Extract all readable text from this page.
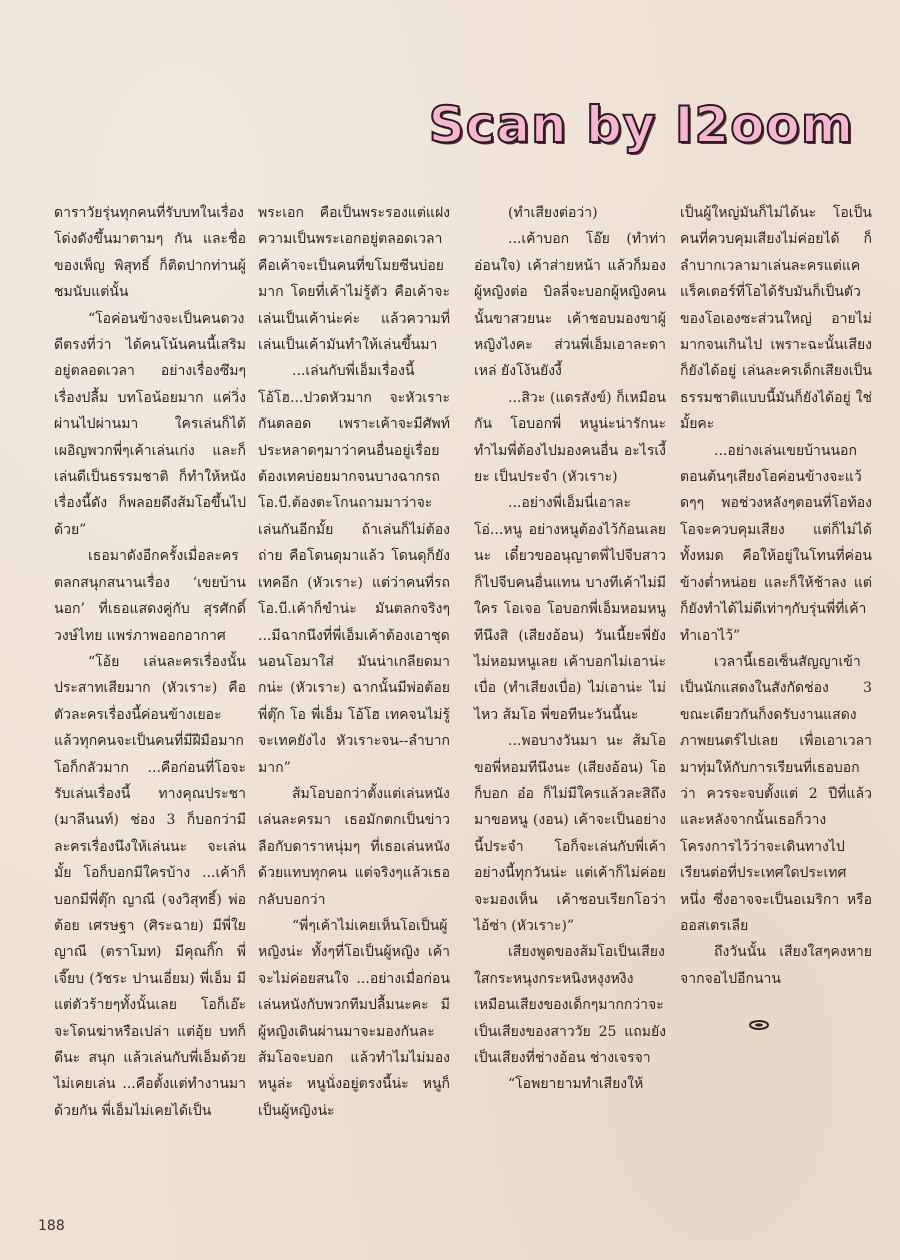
Scan by I2oom

ดาราวัยรุ่นทุกคนที่รับบทในเรื่องโด่งดังขึ้นมาตามๆ กัน และชื่อของเพ็ญ พิสุทธิ์ ก็ติดปากท่านผู้ชมนับแต่นั้น

“โอค่อนข้างจะเป็นคนดวงดีตรงที่ว่า ได้คนโน้นคนนี้เสริมอยู่ตลอดเวลา อย่างเรื่องซึมๆ เรื่องปลื้ม บทโอน้อยมาก แค่วิ่งผ่านไปผ่านมา ใครเล่นก็ได้ เผอิญพวกพี่ๆเค้าเล่นเก่ง และก็เล่นดีเป็นธรรมชาติ ก็ทำให้หนังเรื่องนี้ดัง ก็พลอยดึงส้มโอขึ้นไปด้วย”

เธอมาดังอีกครั้งเมื่อละครตลกสนุกสนานเรื่อง ‘เขยบ้านนอก’ ที่เธอแสดงคู่กับ สุรศักดิ์ วงษ์ไทย แพร่ภาพออกอากาศ

“โอ้ย เล่นละครเรื่องนั้นประสาทเสียมาก (หัวเราะ) คือตัวละครเรื่องนี้ค่อนข้างเยอะ แล้วทุกคนจะเป็นคนที่มีฝีมือมาก โอก็กลัวมาก ...คือก่อนที่โอจะรับเล่นเรื่องนี้ ทางคุณประชา (มาลีนนท์) ช่อง 3 ก็บอกว่ามีละครเรื่องนึงให้เล่นนะ จะเล่นมั้ย โอก็บอกมีใครบ้าง ...เค้าก็บอกมีพี่ตุ๊ก ญาณี (จงวิสุทธิ์) พ่อต้อย เศรษฐา (ศิระฉาย) มีพี่ใย ญาณี (ตราโมท) มีคุณกิ๊ก พี่เจี๊ยบ (วัชระ ปานเอี่ยม) พี่เอ็ม มีแต่ตัวร้ายๆทั้งนั้นเลย โอก็เอ๊ะ จะโดนฆ่าหรือเปล่า แต่อุ้ย บทก็ดีนะ สนุก แล้วเล่นกับพี่เอ็มด้วย ไม่เคยเล่น ...คือตั้งแต่ทำงานมาด้วยกัน พี่เอ็มไม่เคยได้เป็น

พระเอก คือเป็นพระรองแต่แฝงความเป็นพระเอกอยู่ตลอดเวลา คือเค้าจะเป็นคนที่ขโมยซีนบ่อยมาก โดยที่เค้าไม่รู้ตัว คือเค้าจะเล่นเป็นเค้าน่ะค่ะ แล้วความที่เล่นเป็นเค้ามันทำให้เล่นขึ้นมา

...เล่นกับพี่เอ็มเรื่องนี้ โอ้โฮ...ปวดหัวมาก จะหัวเราะกันตลอด เพราะเค้าจะมีศัพท์ประหลาดๆมาว่าคนอื่นอยู่เรื่อย ต้องเทคบ่อยมากจนบางฉากรถโอ.บี.ต้องตะโกนถามมาว่าจะเล่นกันอีกมั้ย ถ้าเล่นก็ไม่ต้องถ่าย คือโดนดุมาแล้ว โดนดุก็ยังเทคอีก (หัวเราะ) แต่ว่าคนที่รถโอ.บี.เค้าก็ขำน่ะ มันตลกจริงๆ ...มีฉากนึงที่พี่เอ็มเค้าต้องเอาชุดนอนโอมาใส่ มันน่าเกลียดมากน่ะ (หัวเราะ) ฉากนั้นมีพ่อต้อย พี่ตุ๊ก โอ พี่เอ็ม โอ้โฮ เทคจนไม่รู้จะเทคยังไง หัวเราะจน--ลำบากมาก”

ส้มโอบอกว่าตั้งแต่เล่นหนังเล่นละครมา เธอมักตกเป็นข่าวลือกับดาราหนุ่มๆ ที่เธอเล่นหนังด้วยแทบทุกคน แต่จริงๆแล้วเธอกลับบอกว่า

“พี่ๆเค้าไม่เคยเห็นโอเป็นผู้หญิงน่ะ ทั้งๆที่โอเป็นผู้หญิง เค้าจะไม่ค่อยสนใจ ...อย่างเมื่อก่อนเล่นหนังกับพวกทีมปลื้มนะคะ มีผู้หญิงเดินผ่านมาจะมองกันละ ส้มโอจะบอก แล้วทำไมไม่มองหนูล่ะ หนูนั่งอยู่ตรงนี้น่ะ หนูก็เป็นผู้หญิงน่ะ

(ทำเสียงต่อว่า)

...เค้าบอก โอ๊ย (ทำท่าอ่อนใจ) เค้าส่ายหน้า แล้วก็มองผู้หญิงต่อ บิลลี่จะบอกผู้หญิงคนนั้นขาสวยนะ เค้าชอบมองขาผู้หญิงไงคะ ส่วนพี่เอ็มเอาละดาเหล่ ยังโง้นยังงี้

...สิวะ (แดรสังข์) ก็เหมือนกัน โอบอกพี่ หนูน่ะน่ารักนะ ทำไมพี่ต้องไปมองคนอื่น อะไรเงี้ยะ เป็นประจำ (หัวเราะ)

...อย่างพี่เอ็มนี่เอาละโอ่...หนู อย่างหนูต้องไว้ก้อนเลยนะ เดี๋ยวขออนุญาตพี่ไปจีบสาว ก็ไปจีบคนอื่นแทน บางทีเค้าไม่มีใคร โอเจอ โอบอกพี่เอ็มหอมหนูทีนึงสิ (เสียงอ้อน) วันเนี้ยะพี่ยังไม่หอมหนูเลย เค้าบอกไม่เอาน่ะ เบื่อ (ทำเสียงเบื่อ) ไม่เอาน่ะ ไม่ไหว ส้มโอ พี่ขอทีนะวันนี้นะ

...พอบางวันมา นะ ส้มโอ ขอพี่หอมทีนึงนะ (เสียงอ้อน) โอก็บอก อ๋อ ก็ไม่มีใครแล้วละสิถึงมาขอหนู (งอน) เค้าจะเป็นอย่างนี้ประจำ โอก็จะเล่นกับพี่เค้าอย่างนี้ทุกวันน่ะ แต่เค้าก็ไม่ค่อยจะมองเห็น เค้าชอบเรียกโอว่าไอ้ซ่า (หัวเราะ)”

เสียงพูดของส้มโอเป็นเสียงใสกระหนุงกระหนิงหงุงหงิงเหมือนเสียงของเด็กๆมากกว่าจะเป็นเสียงของสาววัย 25 แถมยังเป็นเสียงที่ช่างอ้อน ช่างเจรจา

“โอพยายามทำเสียงให้

เป็นผู้ใหญ่มันก็ไม่ได้นะ โอเป็นคนที่ควบคุมเสียงไม่ค่อยได้ ก็ลำบากเวลามาเล่นละครแต่แคแร็คเตอร์ที่โอได้รับมันก็เป็นตัวของโอเองซะส่วนใหญ่ อายไม่มากจนเกินไป เพราะฉะนั้นเสียงก็ยังได้อยู่ เล่นละครเด็กเสียงเป็นธรรมชาติแบบนี้มันก็ยังได้อยู่ ใช่มั้ยคะ

...อย่างเล่นเขยบ้านนอก ตอนต้นๆเสียงโอค่อนข้างจะแว้ดๆๆ พอช่วงหลังๆตอนที่โอท้อง โอจะควบคุมเสียง แต่ก็ไม่ได้ทั้งหมด คือให้อยู่ในโทนที่ค่อนข้างต่ำหน่อย และก็ให้ช้าลง แต่ก็ยังทำได้ไม่ดีเท่าๆกับรุ่นพี่ที่เค้าทำเอาไว้”

เวลานี้เธอเซ็นสัญญาเข้าเป็นนักแสดงในสังกัดช่อง 3 ขณะเดียวกันก็งดรับงานแสดงภาพยนตร์ไปเลย เพื่อเอาเวลามาทุ่มให้กับการเรียนที่เธอบอกว่า ควรจะจบตั้งแต่ 2 ปีที่แล้ว และหลังจากนั้นเธอก็วางโครงการไว้ว่าจะเดินทางไปเรียนต่อที่ประเทศใดประเทศหนึ่ง ซึ่งอาจจะเป็นอเมริกา หรือออสเตรเลีย

ถึงวันนั้น เสียงใสๆคงหายจากจอไปอีกนาน

188
